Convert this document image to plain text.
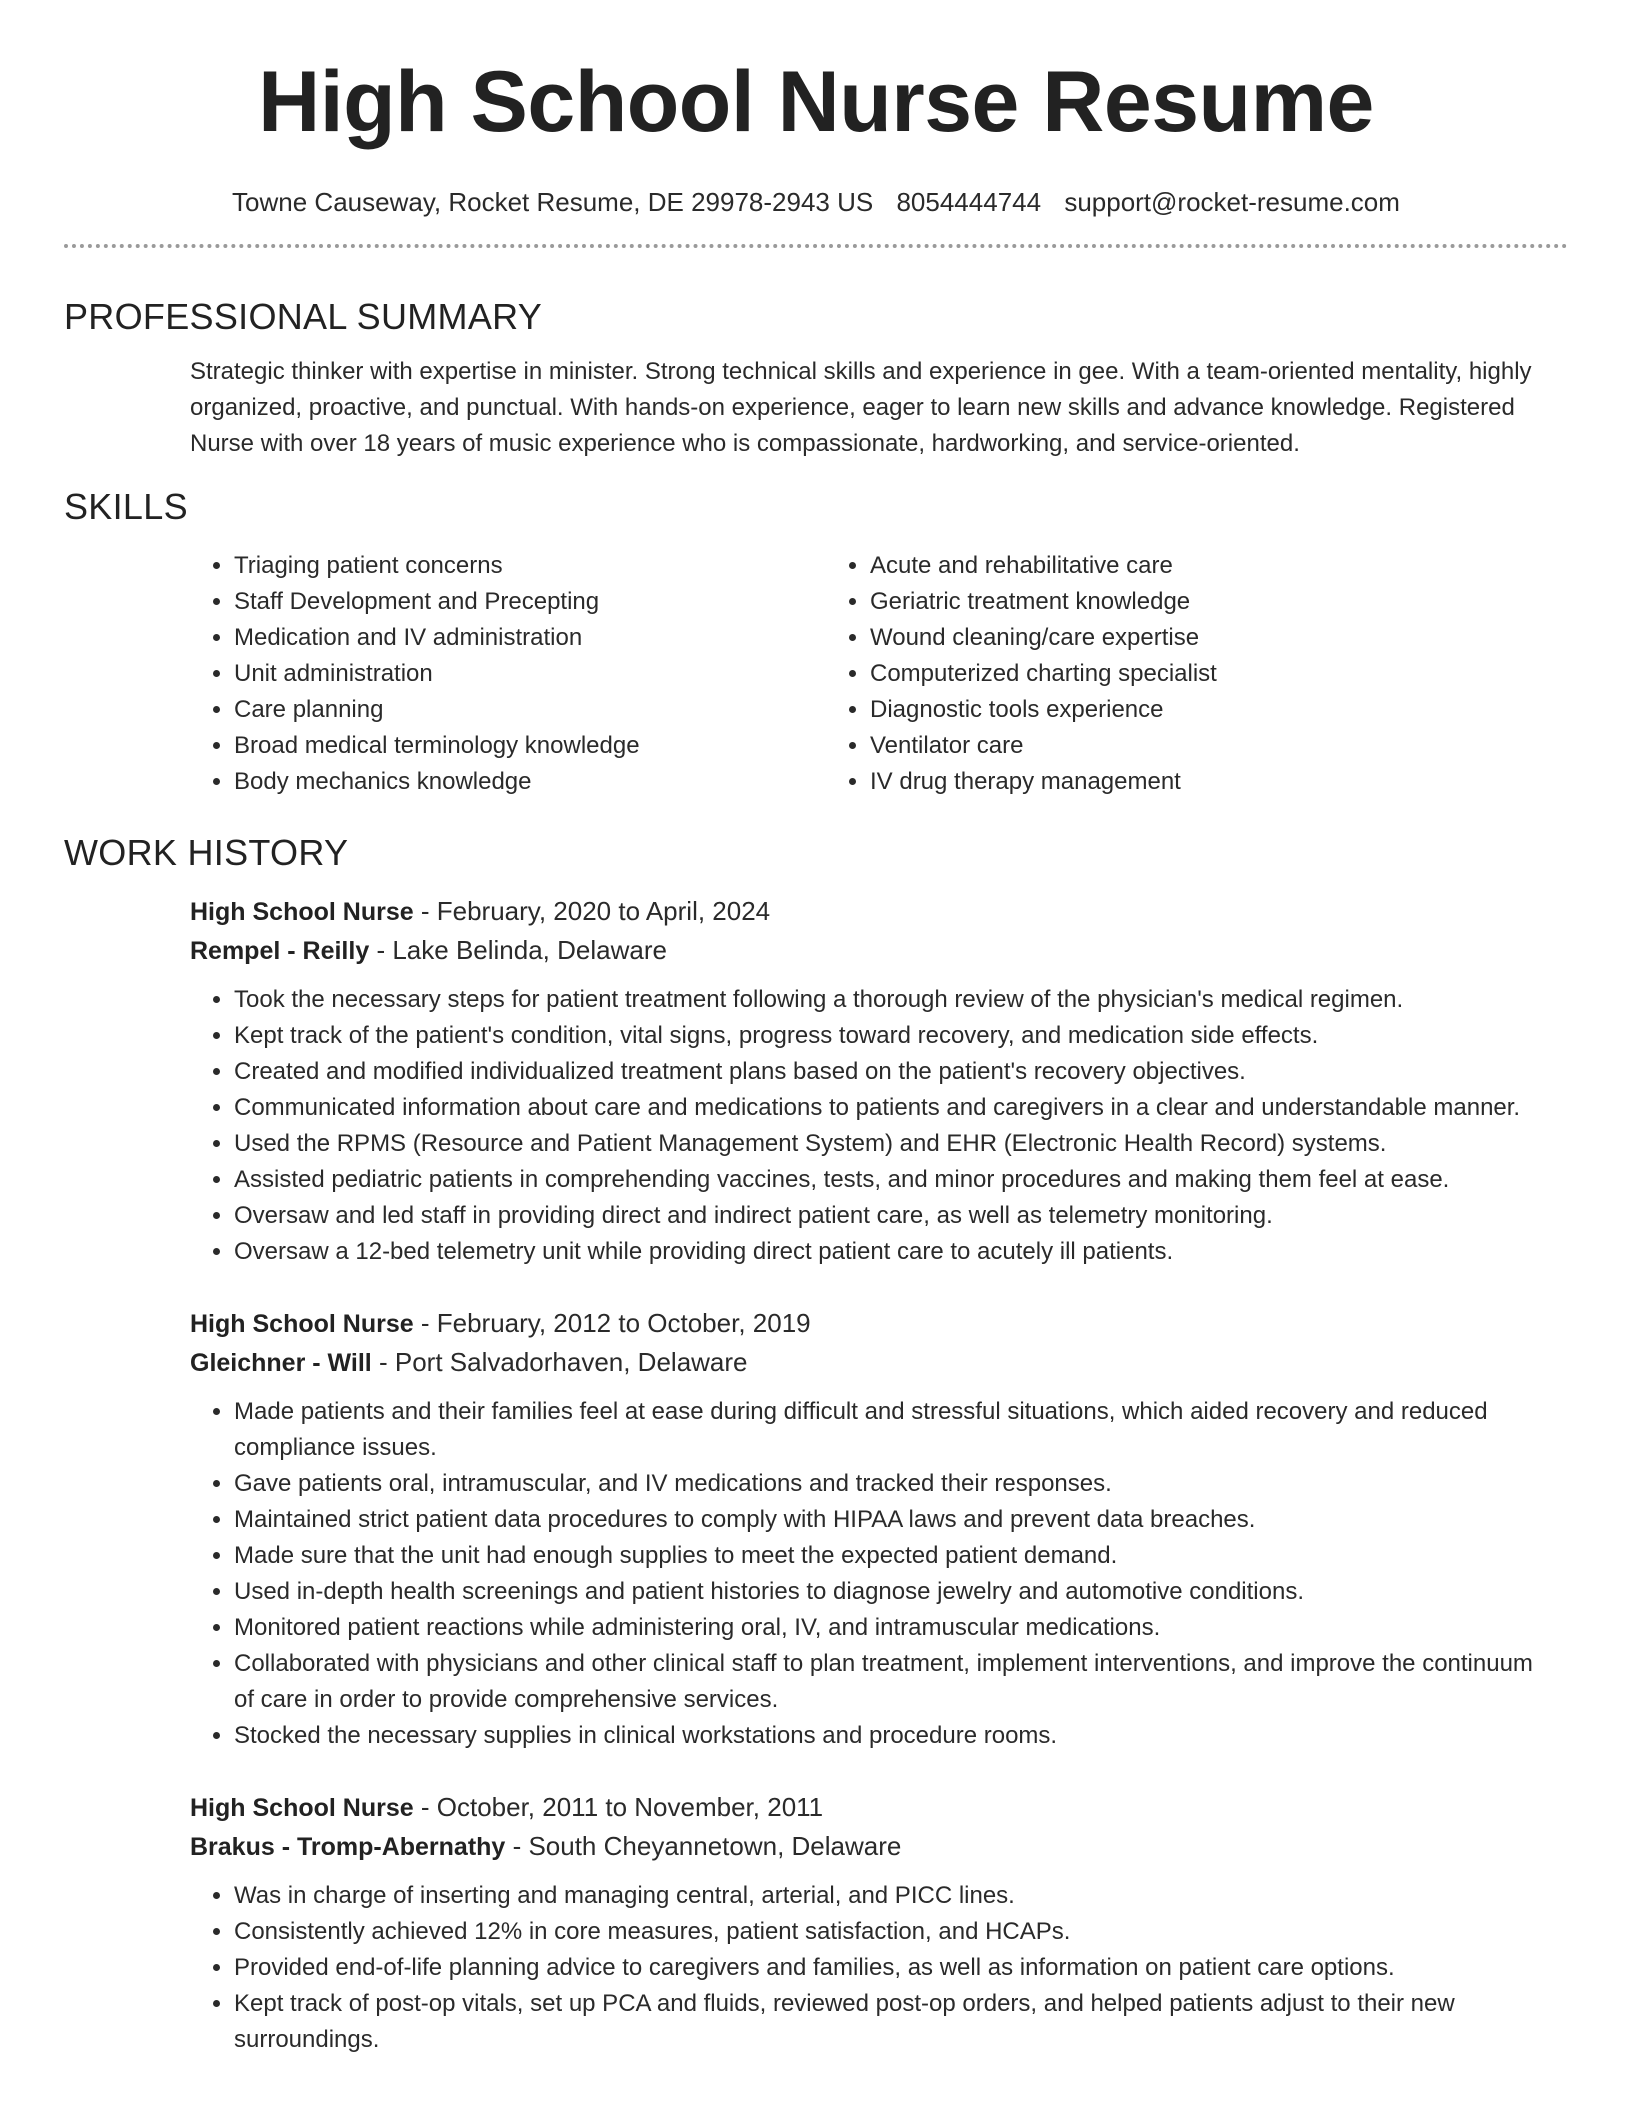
High School Nurse Resume
Towne Causeway, Rocket Resume, DE 29978-2943 US 8054444744 support@rocket-resume.com
PROFESSIONAL SUMMARY

Strategic thinker with expertise in minister. Strong technical skills and experience in gee. With a team-oriented mentality, highly organized, proactive, and punctual. With hands-on experience, eager to learn new skills and advance knowledge. Registered Nurse with over 18 years of music experience who is compassionate, hardworking, and service-oriented.

SKILLS
• Triaging patient concerns
• Staff Development and Precepting
• Medication and IV administration
• Unit administration
• Care planning
• Broad medical terminology knowledge
• Body mechanics knowledge
• Acute and rehabilitative care
• Geriatric treatment knowledge
• Wound cleaning/care expertise
• Computerized charting specialist
• Diagnostic tools experience
• Ventilator care
• IV drug therapy management
WORK HISTORY
High School Nurse - February, 2020 to April, 2024
Rempel - Reilly - Lake Belinda, Delaware
• Took the necessary steps for patient treatment following a thorough review of the physician's medical regimen.
• Kept track of the patient's condition, vital signs, progress toward recovery, and medication side effects.
• Created and modified individualized treatment plans based on the patient's recovery objectives.
• Communicated information about care and medications to patients and caregivers in a clear and understandable manner.
• Used the RPMS (Resource and Patient Management System) and EHR (Electronic Health Record) systems.
• Assisted pediatric patients in comprehending vaccines, tests, and minor procedures and making them feel at ease.
• Oversaw and led staff in providing direct and indirect patient care, as well as telemetry monitoring.
• Oversaw a 12-bed telemetry unit while providing direct patient care to acutely ill patients.
High School Nurse - February, 2012 to October, 2019
Gleichner - Will - Port Salvadorhaven, Delaware
• Made patients and their families feel at ease during difficult and stressful situations, which aided recovery and reduced compliance issues.
• Gave patients oral, intramuscular, and IV medications and tracked their responses.
• Maintained strict patient data procedures to comply with HIPAA laws and prevent data breaches.
• Made sure that the unit had enough supplies to meet the expected patient demand.
• Used in-depth health screenings and patient histories to diagnose jewelry and automotive conditions.
• Monitored patient reactions while administering oral, IV, and intramuscular medications.
• Collaborated with physicians and other clinical staff to plan treatment, implement interventions, and improve the continuum of care in order to provide comprehensive services.
• Stocked the necessary supplies in clinical workstations and procedure rooms.
High School Nurse - October, 2011 to November, 2011
Brakus - Tromp-Abernathy - South Cheyannetown, Delaware
• Was in charge of inserting and managing central, arterial, and PICC lines.
• Consistently achieved 12% in core measures, patient satisfaction, and HCAPs.
• Provided end-of-life planning advice to caregivers and families, as well as information on patient care options.
• Kept track of post-op vitals, set up PCA and fluids, reviewed post-op orders, and helped patients adjust to their new surroundings.
